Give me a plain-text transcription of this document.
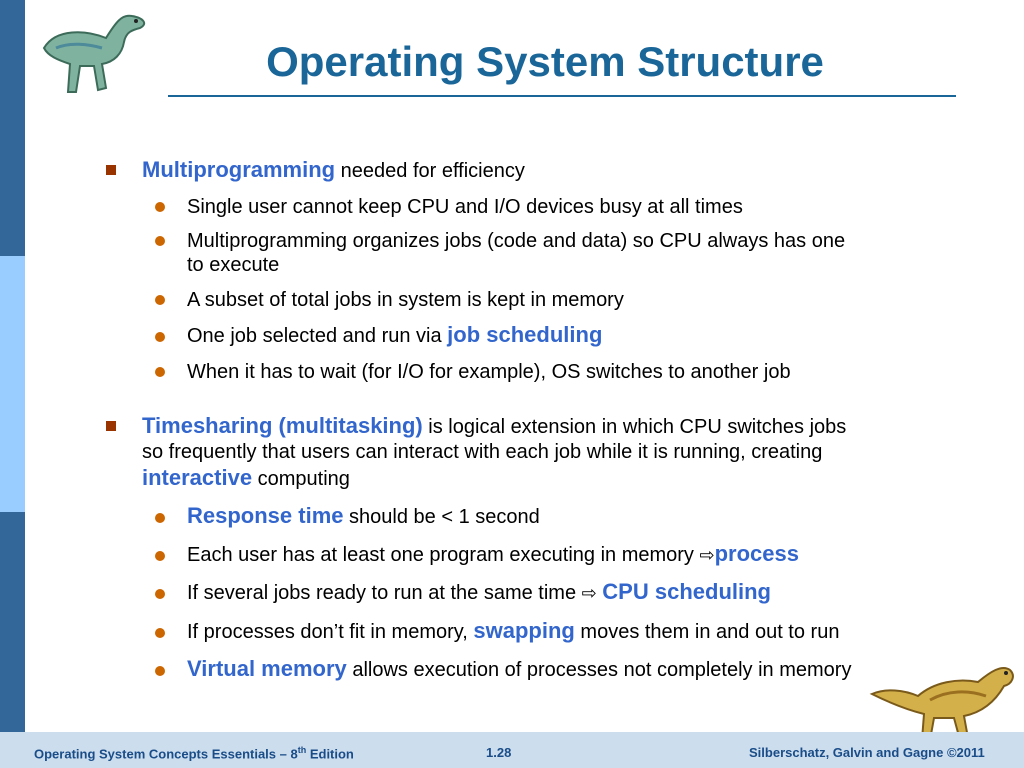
Operating System Structure
Multiprogramming needed for efficiency
Single user cannot keep CPU and I/O devices busy at all times
Multiprogramming organizes jobs (code and data) so CPU always has one
to execute
A subset of total jobs in system is kept in memory
One job selected and run via job scheduling
When it has to wait (for I/O for example), OS switches to another job
Timesharing (multitasking) is logical extension in which CPU switches jobs
so frequently that users can interact with each job while it is running, creating
interactive computing
Response time should be < 1 second
Each user has at least one program executing in memory ⇨process
If several jobs ready to run at the same time ⇨ CPU scheduling
If processes don’t fit in memory, swapping moves them in and out to run
Virtual memory allows execution of processes not completely in memory
Operating System Concepts Essentials – 8th Edition	1.28	Silberschatz, Galvin and Gagne ©2011
